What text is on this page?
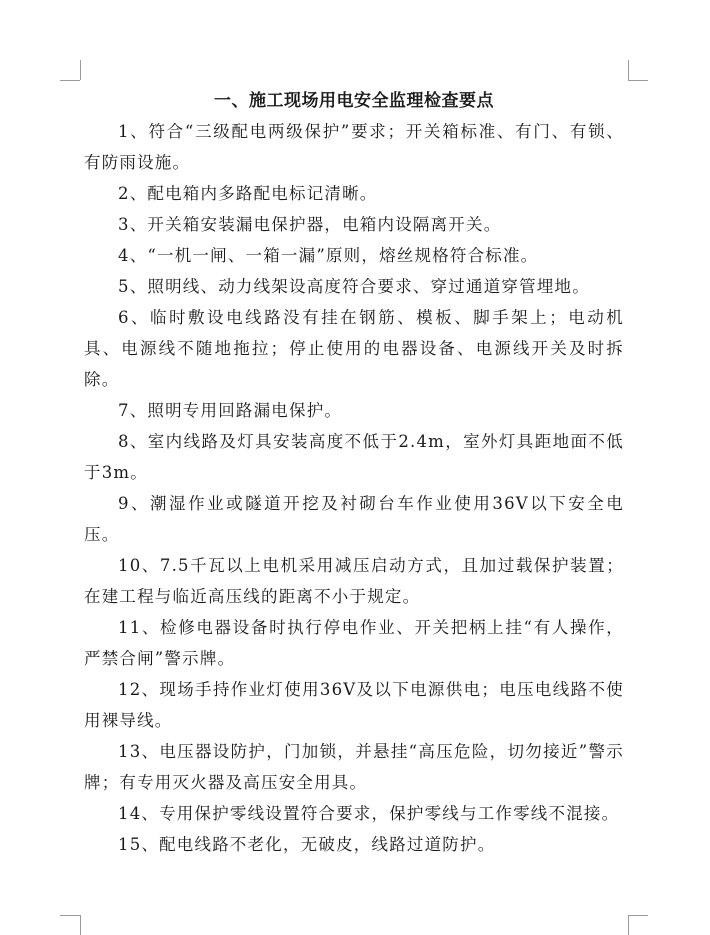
一、施工现场用电安全监理检查要点

1、符合“三级配电两级保护”要求；开关箱标准、有门、有锁、有防雨设施。

2、配电箱内多路配电标记清晰。

3、开关箱安装漏电保护器，电箱内设隔离开关。

4、“一机一闸、一箱一漏”原则，熔丝规格符合标准。

5、照明线、动力线架设高度符合要求、穿过通道穿管埋地。

6、临时敷设电线路没有挂在钢筋、模板、脚手架上；电动机具、电源线不随地拖拉；停止使用的电器设备、电源线开关及时拆除。

7、照明专用回路漏电保护。

8、室内线路及灯具安装高度不低于2.4m，室外灯具距地面不低于3m。

9、潮湿作业或隧道开挖及衬砌台车作业使用36V以下安全电压。

10、7.5千瓦以上电机采用减压启动方式，且加过载保护装置；在建工程与临近高压线的距离不小于规定。

11、检修电器设备时执行停电作业、开关把柄上挂“有人操作，严禁合闸”警示牌。

12、现场手持作业灯使用36V及以下电源供电；电压电线路不使用裸导线。

13、电压器设防护，门加锁，并悬挂“高压危险，切勿接近”警示牌；有专用灭火器及高压安全用具。

14、专用保护零线设置符合要求，保护零线与工作零线不混接。

15、配电线路不老化，无破皮，线路过道防护。
